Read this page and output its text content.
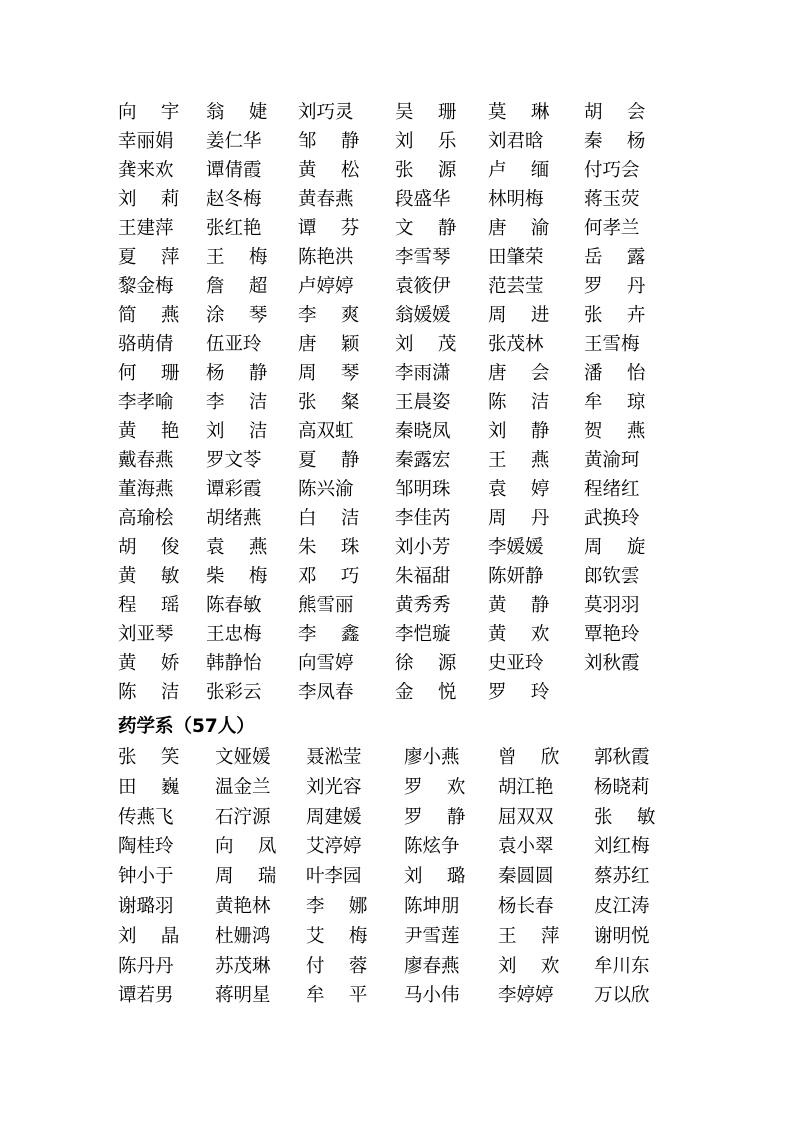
向　 宇 翁　 婕 刘巧灵 吴　 珊 莫　 琳 胡　 会
幸丽娟 姜仁华 邹　 静 刘　 乐 刘君晗 秦　 杨
龚来欢 谭倩霞 黄　 松 张　 源 卢　 缅 付巧会
刘　 莉 赵冬梅 黄春燕 段盛华 林明梅 蒋玉荧
王建萍 张红艳 谭　 芬 文　 静 唐　 渝 何孝兰
夏　 萍 王　 梅 陈艳洪 李雪琴 田肇荣 岳　 露
黎金梅 詹　 超 卢婷婷 袁筱伊 范芸莹 罗　 丹
简　 燕 涂　 琴 李　 爽 翁媛媛 周　 进 张　 卉
骆萌倩 伍亚玲 唐　 颖 刘　 茂 张茂林 王雪梅
何　 珊 杨　 静 周　 琴 李雨潇 唐　 会 潘　 怡
李孝喻 李　 洁 张　 粲 王晨姿 陈　 洁 牟　 琼
黄　 艳 刘　 洁 高双虹 秦晓凤 刘　 静 贺　 燕
戴春燕 罗文苓 夏　 静 秦露宏 王　 燕 黄渝珂
董海燕 谭彩霞 陈兴渝 邹明珠 袁　 婷 程绪红
高瑜桧 胡绪燕 白　 洁 李佳芮 周　 丹 武换玲
胡　 俊 袁　 燕 朱　 珠 刘小芳 李媛媛 周　 旋
黄　 敏 柴　 梅 邓　 巧 朱福甜 陈妍静 郎钦雲
程　 瑶 陈春敏 熊雪丽 黄秀秀 黄　 静 莫羽羽
刘亚琴 王忠梅 李　 鑫 李恺璇 黄　 欢 覃艳玲
黄　 娇 韩静怡 向雪婷 徐　 源 史亚玲 刘秋霞
陈　 洁 张彩云 李凤春 金　 悦 罗　 玲
药学系（57人）
张　 笑 文娅媛 聂淞莹 廖小燕 曾　 欣 郭秋霞
田　 巍 温金兰 刘光容 罗　 欢 胡江艳 杨晓莉
传燕飞 石泞源 周建媛 罗　 静 屈双双 张　 敏
陶桂玲 向　 凤 艾渟婷 陈炫争 袁小翠 刘红梅
钟小于 周　 瑞 叶李园 刘　 璐 秦圆圆 蔡苏红
谢璐羽 黄艳林 李　 娜 陈坤朋 杨长春 皮江涛
刘　 晶 杜姗鸿 艾　 梅 尹雪莲 王　 萍 谢明悦
陈丹丹 苏茂琳 付　 蓉 廖春燕 刘　 欢 牟川东
谭若男 蒋明星 牟　 平 马小伟 李婷婷 万以欣
